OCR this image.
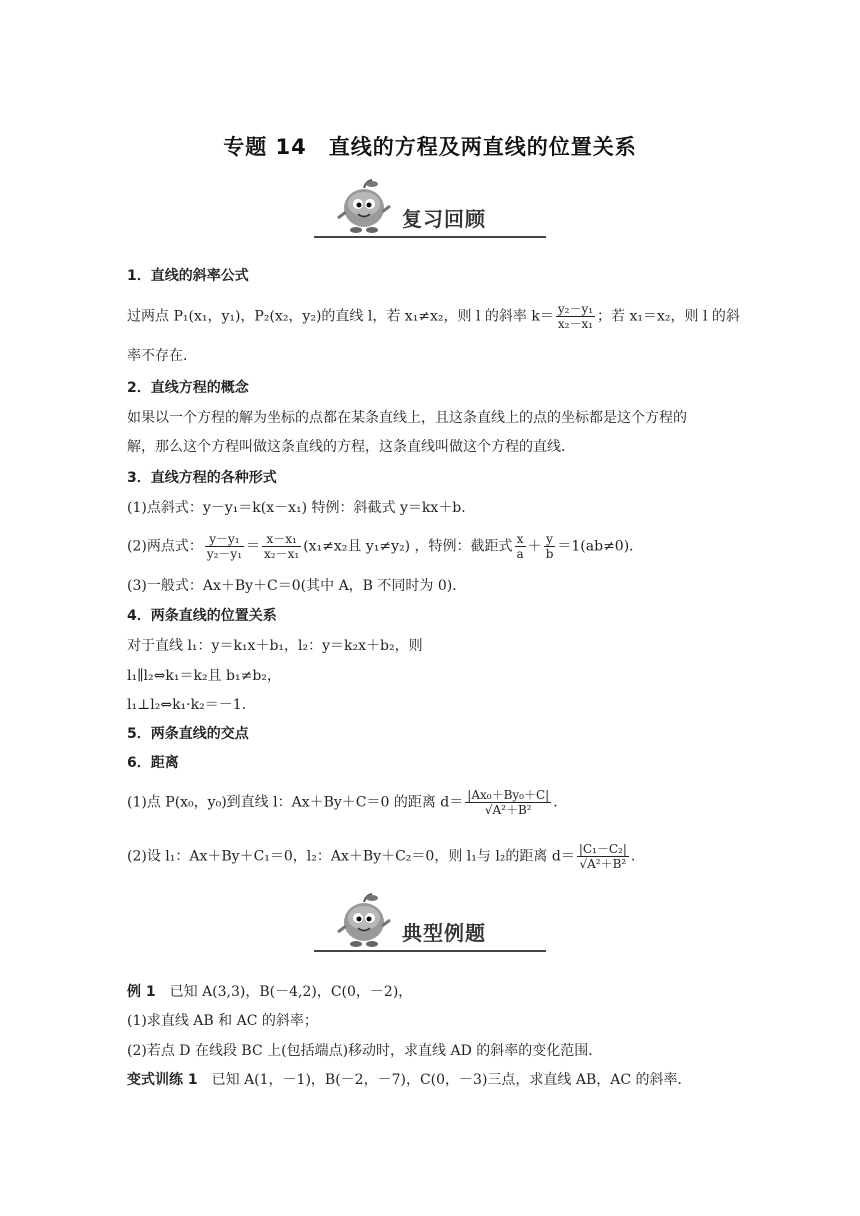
专题 14　直线的方程及两直线的位置关系
复习回顾
1．直线的斜率公式
过两点 P₁(x₁，y₁)，P₂(x₂，y₂)的直线 l，若 x₁≠x₂，则 l 的斜率 $k= \frac{\text{y₂－y₁}}{\text{x₂－x₁}}$ ；若 x₁＝x₂，则 l 的斜
率不存在．
2．直线方程的概念
如果以一个方程的解为坐标的点都在某条直线上，且这条直线上的点的坐标都是这个方程的
解，那么这个方程叫做这条直线的方程，这条直线叫做这个方程的直线．
3．直线方程的各种形式
(1)点斜式：y－y₁＝k(x－x₁) 特例：斜截式 y＝kx＋b.
(2)两点式： $\frac{\text{y－y₁}}{\text{y₂－y₁}} = \frac{\text{x－x₁}}{\text{x₂－x₁}} (x_1\ne x_2$且 y₁≠y₂) ，特例：截距式 $\frac{x}{a} + \frac{y}{b} =1(ab\ne 0)$．
(3)一般式：Ax＋By＋C＝0(其中 A，B 不同时为 0)．
4．两条直线的位置关系
对于直线 l₁：y＝k₁x＋b₁，l₂：y＝k₂x＋b₂，则
l₁∥l₂⇔k₁＝k₂且 b₁≠b₂，
l₁⊥l₂⇔k₁·k₂＝－1.
5．两条直线的交点
6．距离
(1)点 P(x₀，y₀)到直线 l：Ax＋By＋C＝0 的距离 $d= \frac{\text{|Ax₀＋By₀＋C|}}{\text{√A²＋B²}}$ .
(2)设 l₁：Ax＋By＋C₁＝0，l₂：Ax＋By＋C₂＝0，则 l₁与 l₂的距离 $d= \frac{\text{|C₁－C₂|}}{\text{√A²＋B²}}$ .
典型例题
例 1　已知 A(3,3)，B(－4,2)，C(0，－2)，
(1)求直线 AB 和 AC 的斜率；
(2)若点 D 在线段 BC 上(包括端点)移动时，求直线 AD 的斜率的变化范围．
变式训练 1　已知 A(1，－1)，B(－2，－7)，C(0，－3)三点，求直线 AB，AC 的斜率．
